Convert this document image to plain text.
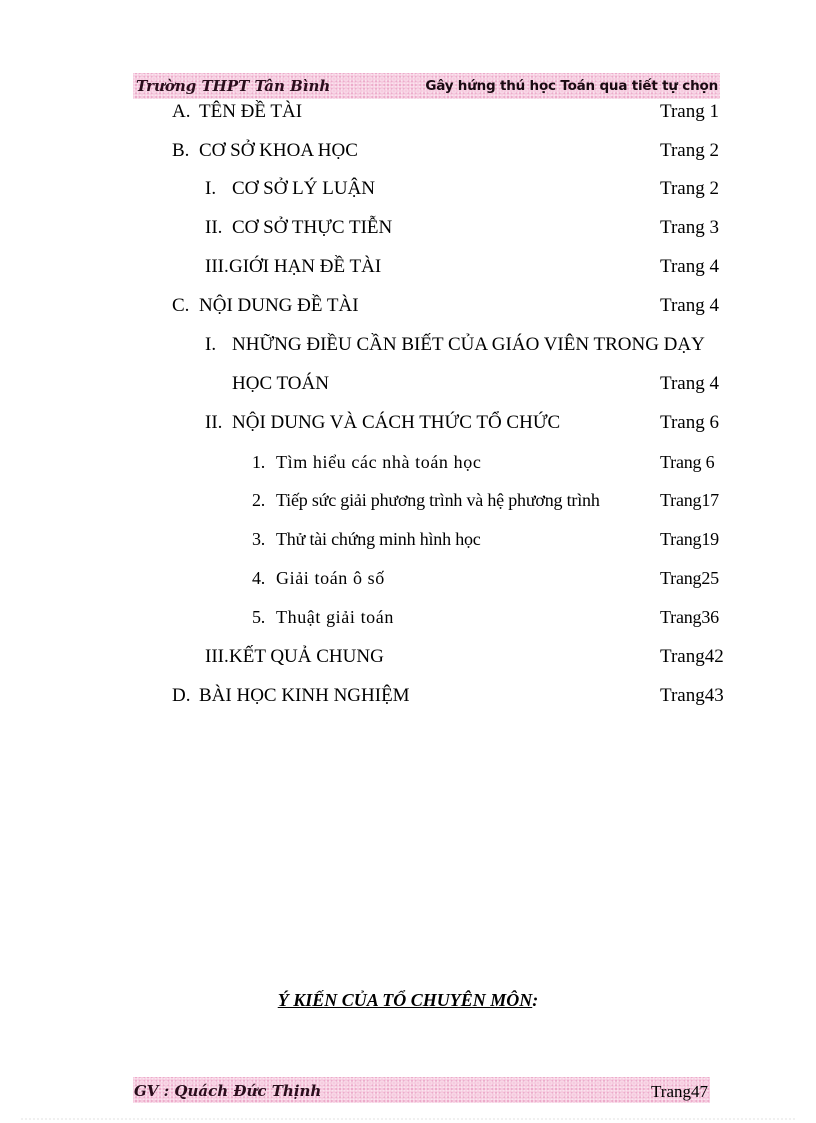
Trường THPT Tân Bình	Gây hứng thú học Toán qua tiết tự chọn
A. TÊN ĐỀ TÀI	Trang 1
B. CƠ SỞ KHOA HỌC	Trang 2
I. CƠ SỞ LÝ LUẬN	Trang 2
II. CƠ SỞ THỰC TIỄN	Trang 3
III. GIỚI HẠN ĐỀ TÀI	Trang 4
C. NỘI DUNG ĐỀ TÀI	Trang 4
I. NHỮNG ĐIỀU CẦN BIẾT CỦA GIÁO VIÊN TRONG DẠY
HỌC TOÁN	Trang 4
II. NỘI DUNG VÀ CÁCH THỨC TỔ CHỨC	Trang 6
1. Tìm hiểu các nhà toán học	Trang 6
2. Tiếp sức giải phương trình và hệ phương trình	Trang17
3. Thử tài chứng minh hình học	Trang19
4. Giải toán ô số	Trang25
5. Thuật giải toán	Trang36
III. KẾT QUẢ CHUNG	Trang42
D. BÀI HỌC KINH NGHIỆM	Trang43
Ý KIẾN CỦA TỔ CHUYÊN MÔN:
GV : Quách Đức Thịnh	Trang47
